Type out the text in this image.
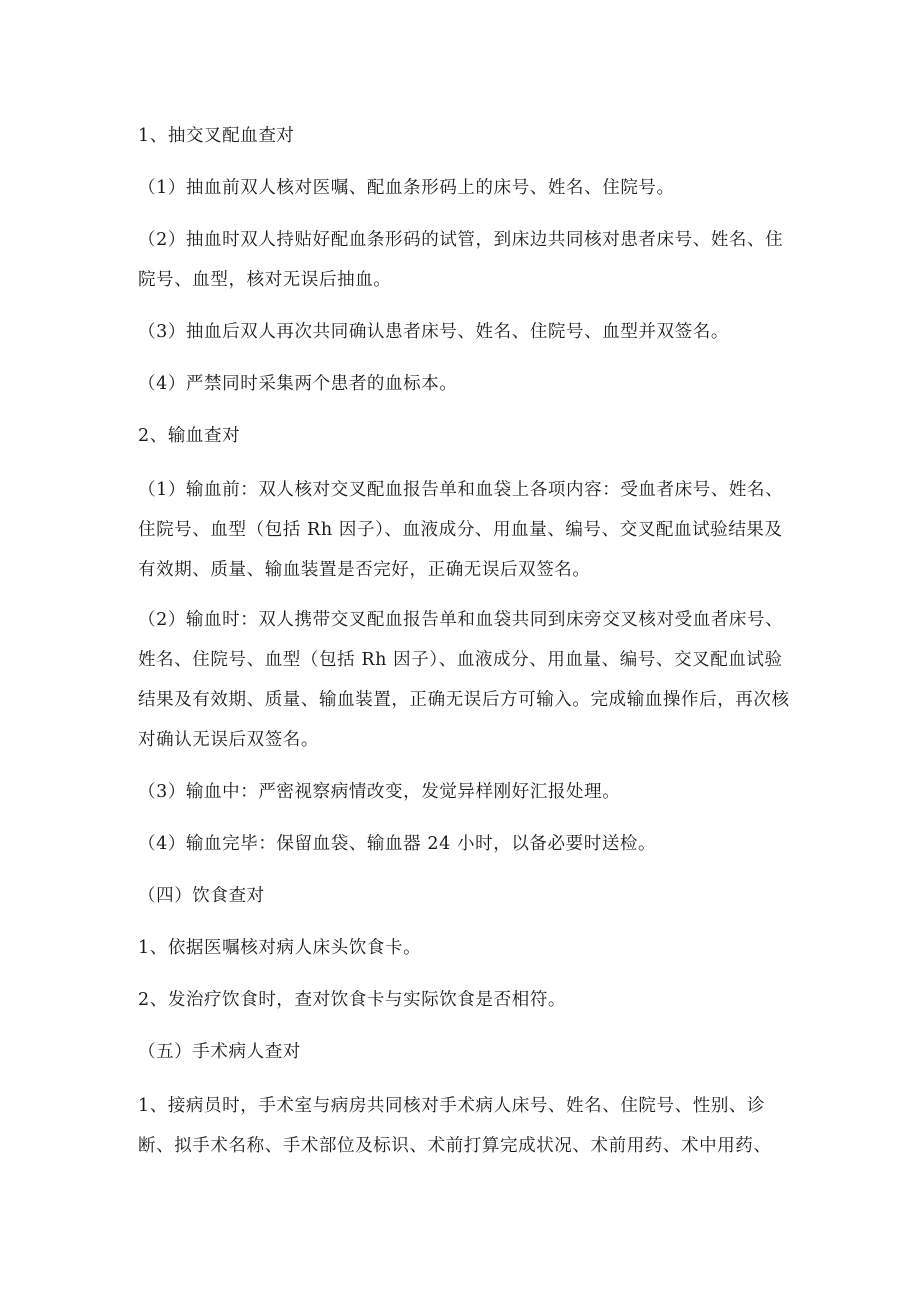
1、抽交叉配血查对

（1）抽血前双人核对医嘱、配血条形码上的床号、姓名、住院号。

（2）抽血时双人持贴好配血条形码的试管，到床边共同核对患者床号、姓名、住院号、血型，核对无误后抽血。

（3）抽血后双人再次共同确认患者床号、姓名、住院号、血型并双签名。

（4）严禁同时采集两个患者的血标本。

2、输血查对

（1）输血前：双人核对交叉配血报告单和血袋上各项内容：受血者床号、姓名、住院号、血型（包括 Rh 因子）、血液成分、用血量、编号、交叉配血试验结果及有效期、质量、输血装置是否完好，正确无误后双签名。

（2）输血时：双人携带交叉配血报告单和血袋共同到床旁交叉核对受血者床号、姓名、住院号、血型（包括 Rh 因子）、血液成分、用血量、编号、交叉配血试验结果及有效期、质量、输血装置，正确无误后方可输入。完成输血操作后，再次核对确认无误后双签名。

（3）输血中：严密视察病情改变，发觉异样刚好汇报处理。

（4）输血完毕：保留血袋、输血器 24 小时，以备必要时送检。

（四）饮食查对

1、依据医嘱核对病人床头饮食卡。

2、发治疗饮食时，查对饮食卡与实际饮食是否相符。

（五）手术病人查对

1、接病员时，手术室与病房共同核对手术病人床号、姓名、住院号、性别、诊断、拟手术名称、手术部位及标识、术前打算完成状况、术前用药、术中用药、
